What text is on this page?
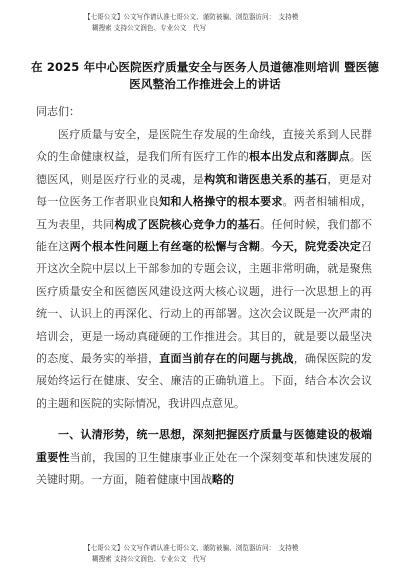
【七哥公文】公文写作请认准七哥公文、谨防被骗、浏览器访问：　支持模
糊搜索 支持公文润色、专业公文　代写
在 2025 年中心医院医疗质量安全与医务人员道德准则培训 暨医德医风整治工作推进会上的讲话
同志们：

医疗质量与安全，是医院生存发展的生命线，直接关系到人民群众的生命健康权益，是我们所有医疗工作的根本出发点和落脚点。医德医风，则是医疗行业的灵魂，是构筑和谐医患关系的基石，更是对每一位医务工作者职业良知和人格操守的根本要求。两者相辅相成，互为表里，共同构成了医院核心竞争力的基石。任何时候，我们都不能在这两个根本性问题上有丝毫的松懈与含糊。今天，院党委决定召开这次全院中层以上干部参加的专题会议，主题非常明确，就是聚焦医疗质量安全和医德医风建设这两大核心议题，进行一次思想上的再统一、认识上的再深化、行动上的再部署。这次会议既是一次严肃的培训会，更是一场动真碰硬的工作推进会。其目的，就是要以最坚决的态度、最务实的举措，直面当前存在的问题与挑战，确保医院的发展始终运行在健康、安全、廉洁的正确轨道上。下面，结合本次会议的主题和医院的实际情况，我讲四点意见。

一、认清形势，统一思想，深刻把握医疗质量与医德建设的极端重要性当前，我国的卫生健康事业正处在一个深刻变革和快速发展的关键时期。一方面，随着健康中国战略的

【七哥公文】公文写作请认准七哥公文、谨防被骗、浏览器访问：　支持模
糊搜索 支持公文润色、专业公文　代写
